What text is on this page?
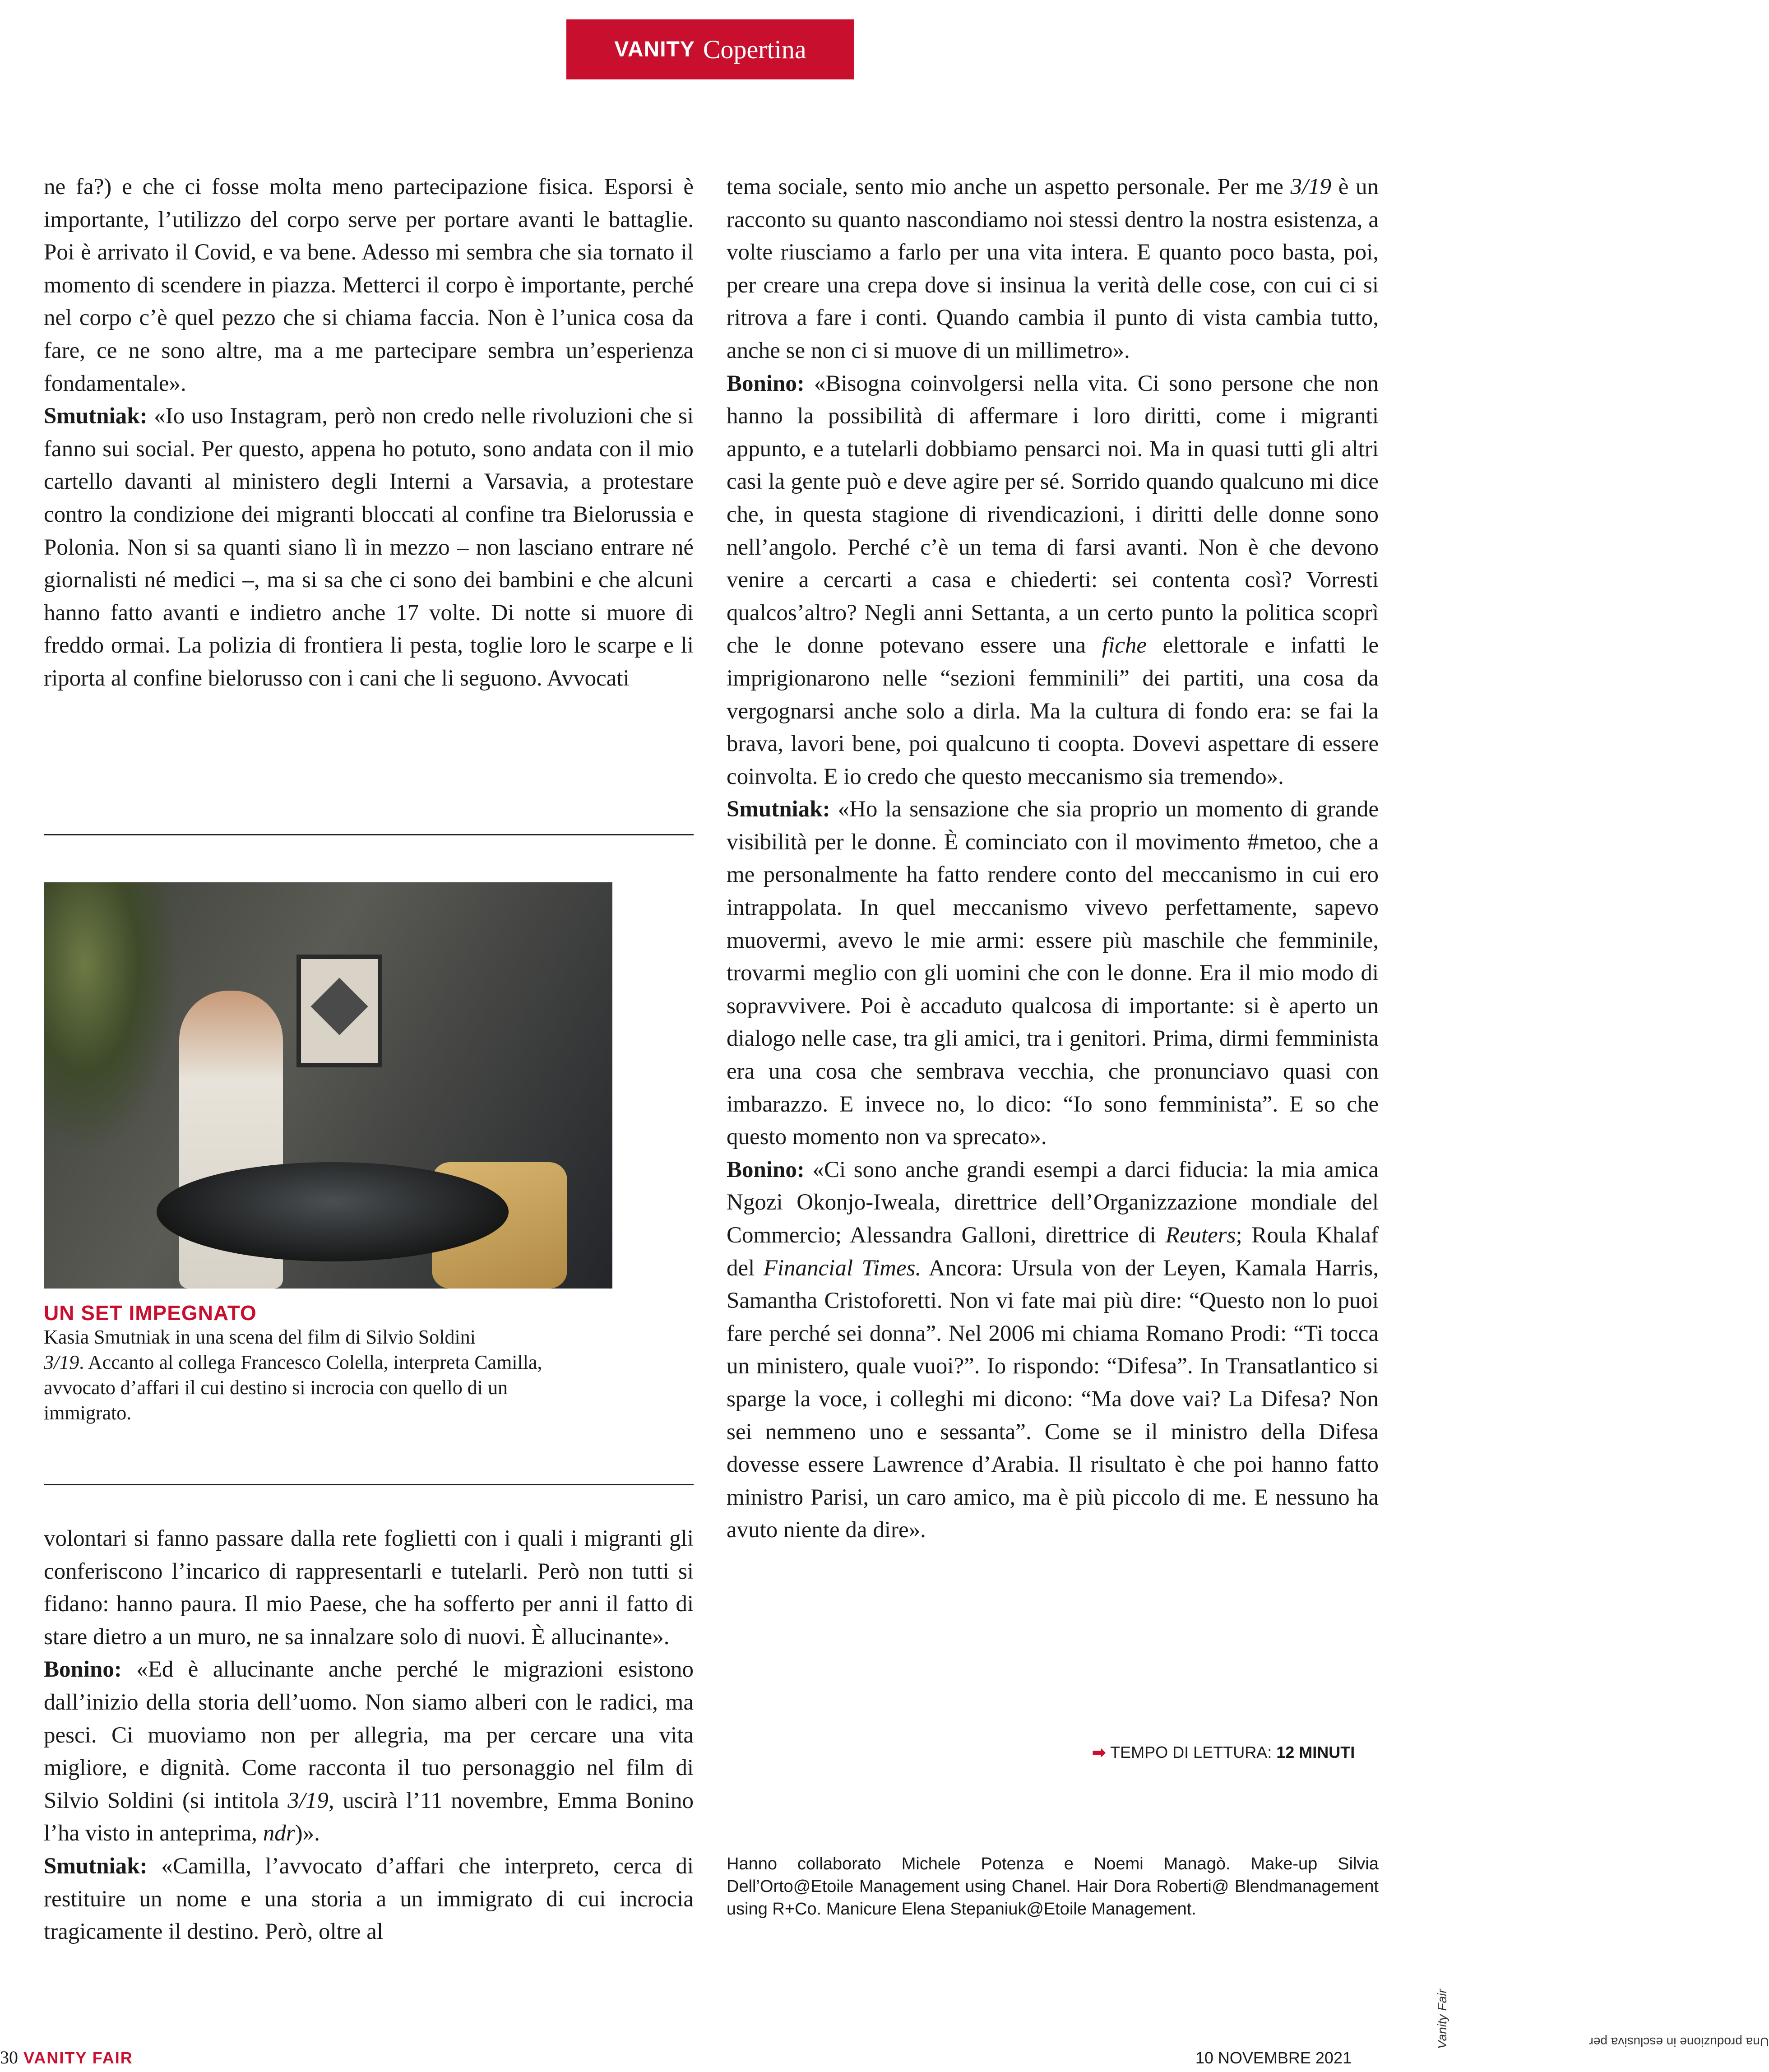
VANITY Copertina

ne fa?) e che ci fosse molta meno partecipazione fisica. Esporsi è importante, l’utilizzo del corpo serve per portare avanti le battaglie. Poi è arrivato il Covid, e va bene. Adesso mi sembra che sia tornato il momento di scendere in piazza. Metterci il corpo è importante, perché nel corpo c’è quel pezzo che si chiama faccia. Non è l’unica cosa da fare, ce ne sono altre, ma a me partecipare sembra un’esperienza fondamentale».

Smutniak: «Io uso Instagram, però non credo nelle rivoluzioni che si fanno sui social. Per questo, appena ho potuto, sono andata con il mio cartello davanti al ministero degli Interni a Varsavia, a protestare contro la condizione dei migranti bloccati al confine tra Bielorussia e Polonia. Non si sa quanti siano lì in mezzo – non lasciano entrare né giornalisti né medici –, ma si sa che ci sono dei bambini e che alcuni hanno fatto avanti e indietro anche 17 volte. Di notte si muore di freddo ormai. La polizia di frontiera li pesta, toglie loro le scarpe e li riporta al confine bielorusso con i cani che li seguono. Avvocati

UN SET IMPEGNATO
Kasia Smutniak in una scena del film di Silvio Soldini
3/19. Accanto al collega Francesco Colella, interpreta Camilla, avvocato d’affari il cui destino si incrocia con quello di un immigrato.

volontari si fanno passare dalla rete foglietti con i quali i migranti gli conferiscono l’incarico di rappresentarli e tutelarli. Però non tutti si fidano: hanno paura. Il mio Paese, che ha sofferto per anni il fatto di stare dietro a un muro, ne sa innalzare solo di nuovi. È allucinante».

Bonino: «Ed è allucinante anche perché le migrazioni esistono dall’inizio della storia dell’uomo. Non siamo alberi con le radici, ma pesci. Ci muoviamo non per allegria, ma per cercare una vita migliore, e dignità. Come racconta il tuo personaggio nel film di Silvio Soldini (si intitola 3/19, uscirà l’11 novembre, Emma Bonino l’ha visto in anteprima, ndr)».

Smutniak: «Camilla, l’avvocato d’affari che interpreto, cerca di restituire un nome e una storia a un immigrato di cui incrocia tragicamente il destino. Però, oltre al

tema sociale, sento mio anche un aspetto personale. Per me 3/19 è un racconto su quanto nascondiamo noi stessi dentro la nostra esistenza, a volte riusciamo a farlo per una vita intera. E quanto poco basta, poi, per creare una crepa dove si insinua la verità delle cose, con cui ci si ritrova a fare i conti. Quando cambia il punto di vista cambia tutto, anche se non ci si muove di un millimetro».

Bonino: «Bisogna coinvolgersi nella vita. Ci sono persone che non hanno la possibilità di affermare i loro diritti, come i migranti appunto, e a tutelarli dobbiamo pensarci noi. Ma in quasi tutti gli altri casi la gente può e deve agire per sé. Sorrido quando qualcuno mi dice che, in questa stagione di rivendicazioni, i diritti delle donne sono nell’angolo. Perché c’è un tema di farsi avanti. Non è che devono venire a cercarti a casa e chiederti: sei contenta così? Vorresti qualcos’altro? Negli anni Settanta, a un certo punto la politica scoprì che le donne potevano essere una fiche elettorale e infatti le imprigionarono nelle “sezioni femminili” dei partiti, una cosa da vergognarsi anche solo a dirla. Ma la cultura di fondo era: se fai la brava, lavori bene, poi qualcuno ti coopta. Dovevi aspettare di essere coinvolta. E io credo che questo meccanismo sia tremendo».

Smutniak: «Ho la sensazione che sia proprio un momento di grande visibilità per le donne. È cominciato con il movimento #metoo, che a me personalmente ha fatto rendere conto del meccanismo in cui ero intrappolata. In quel meccanismo vivevo perfettamente, sapevo muovermi, avevo le mie armi: essere più maschile che femminile, trovarmi meglio con gli uomini che con le donne. Era il mio modo di sopravvivere. Poi è accaduto qualcosa di importante: si è aperto un dialogo nelle case, tra gli amici, tra i genitori. Prima, dirmi femminista era una cosa che sembrava vecchia, che pronunciavo quasi con imbarazzo. E invece no, lo dico: “Io sono femminista”. E so che questo momento non va sprecato».

Bonino: «Ci sono anche grandi esempi a darci fiducia: la mia amica Ngozi Okonjo-Iweala, direttrice dell’Organizzazione mondiale del Commercio; Alessandra Galloni, direttrice di Reuters; Roula Khalaf del Financial Times. Ancora: Ursula von der Leyen, Kamala Harris, Samantha Cristoforetti. Non vi fate mai più dire: “Questo non lo puoi fare perché sei donna”. Nel 2006 mi chiama Romano Prodi: “Ti tocca un ministero, quale vuoi?”. Io rispondo: “Difesa”. In Transatlantico si sparge la voce, i colleghi mi dicono: “Ma dove vai? La Difesa? Non sei nemmeno uno e sessanta”. Come se il ministro della Difesa dovesse essere Lawrence d’Arabia. Il risultato è che poi hanno fatto ministro Parisi, un caro amico, ma è più piccolo di me. E nessuno ha avuto niente da dire».

➡ TEMPO DI LETTURA: 12 MINUTI
Hanno collaborato Michele Potenza e Noemi Managò. Make-up Silvia Dell’Orto@Etoile Management using Chanel. Hair Dora Roberti@ Blendmanagement using R+Co. Manicure Elena Stepaniuk@Etoile Management.
Una produzione in esclusiva per
Vanity Fair
30 VANITY FAIR	10 NOVEMBRE 2021
